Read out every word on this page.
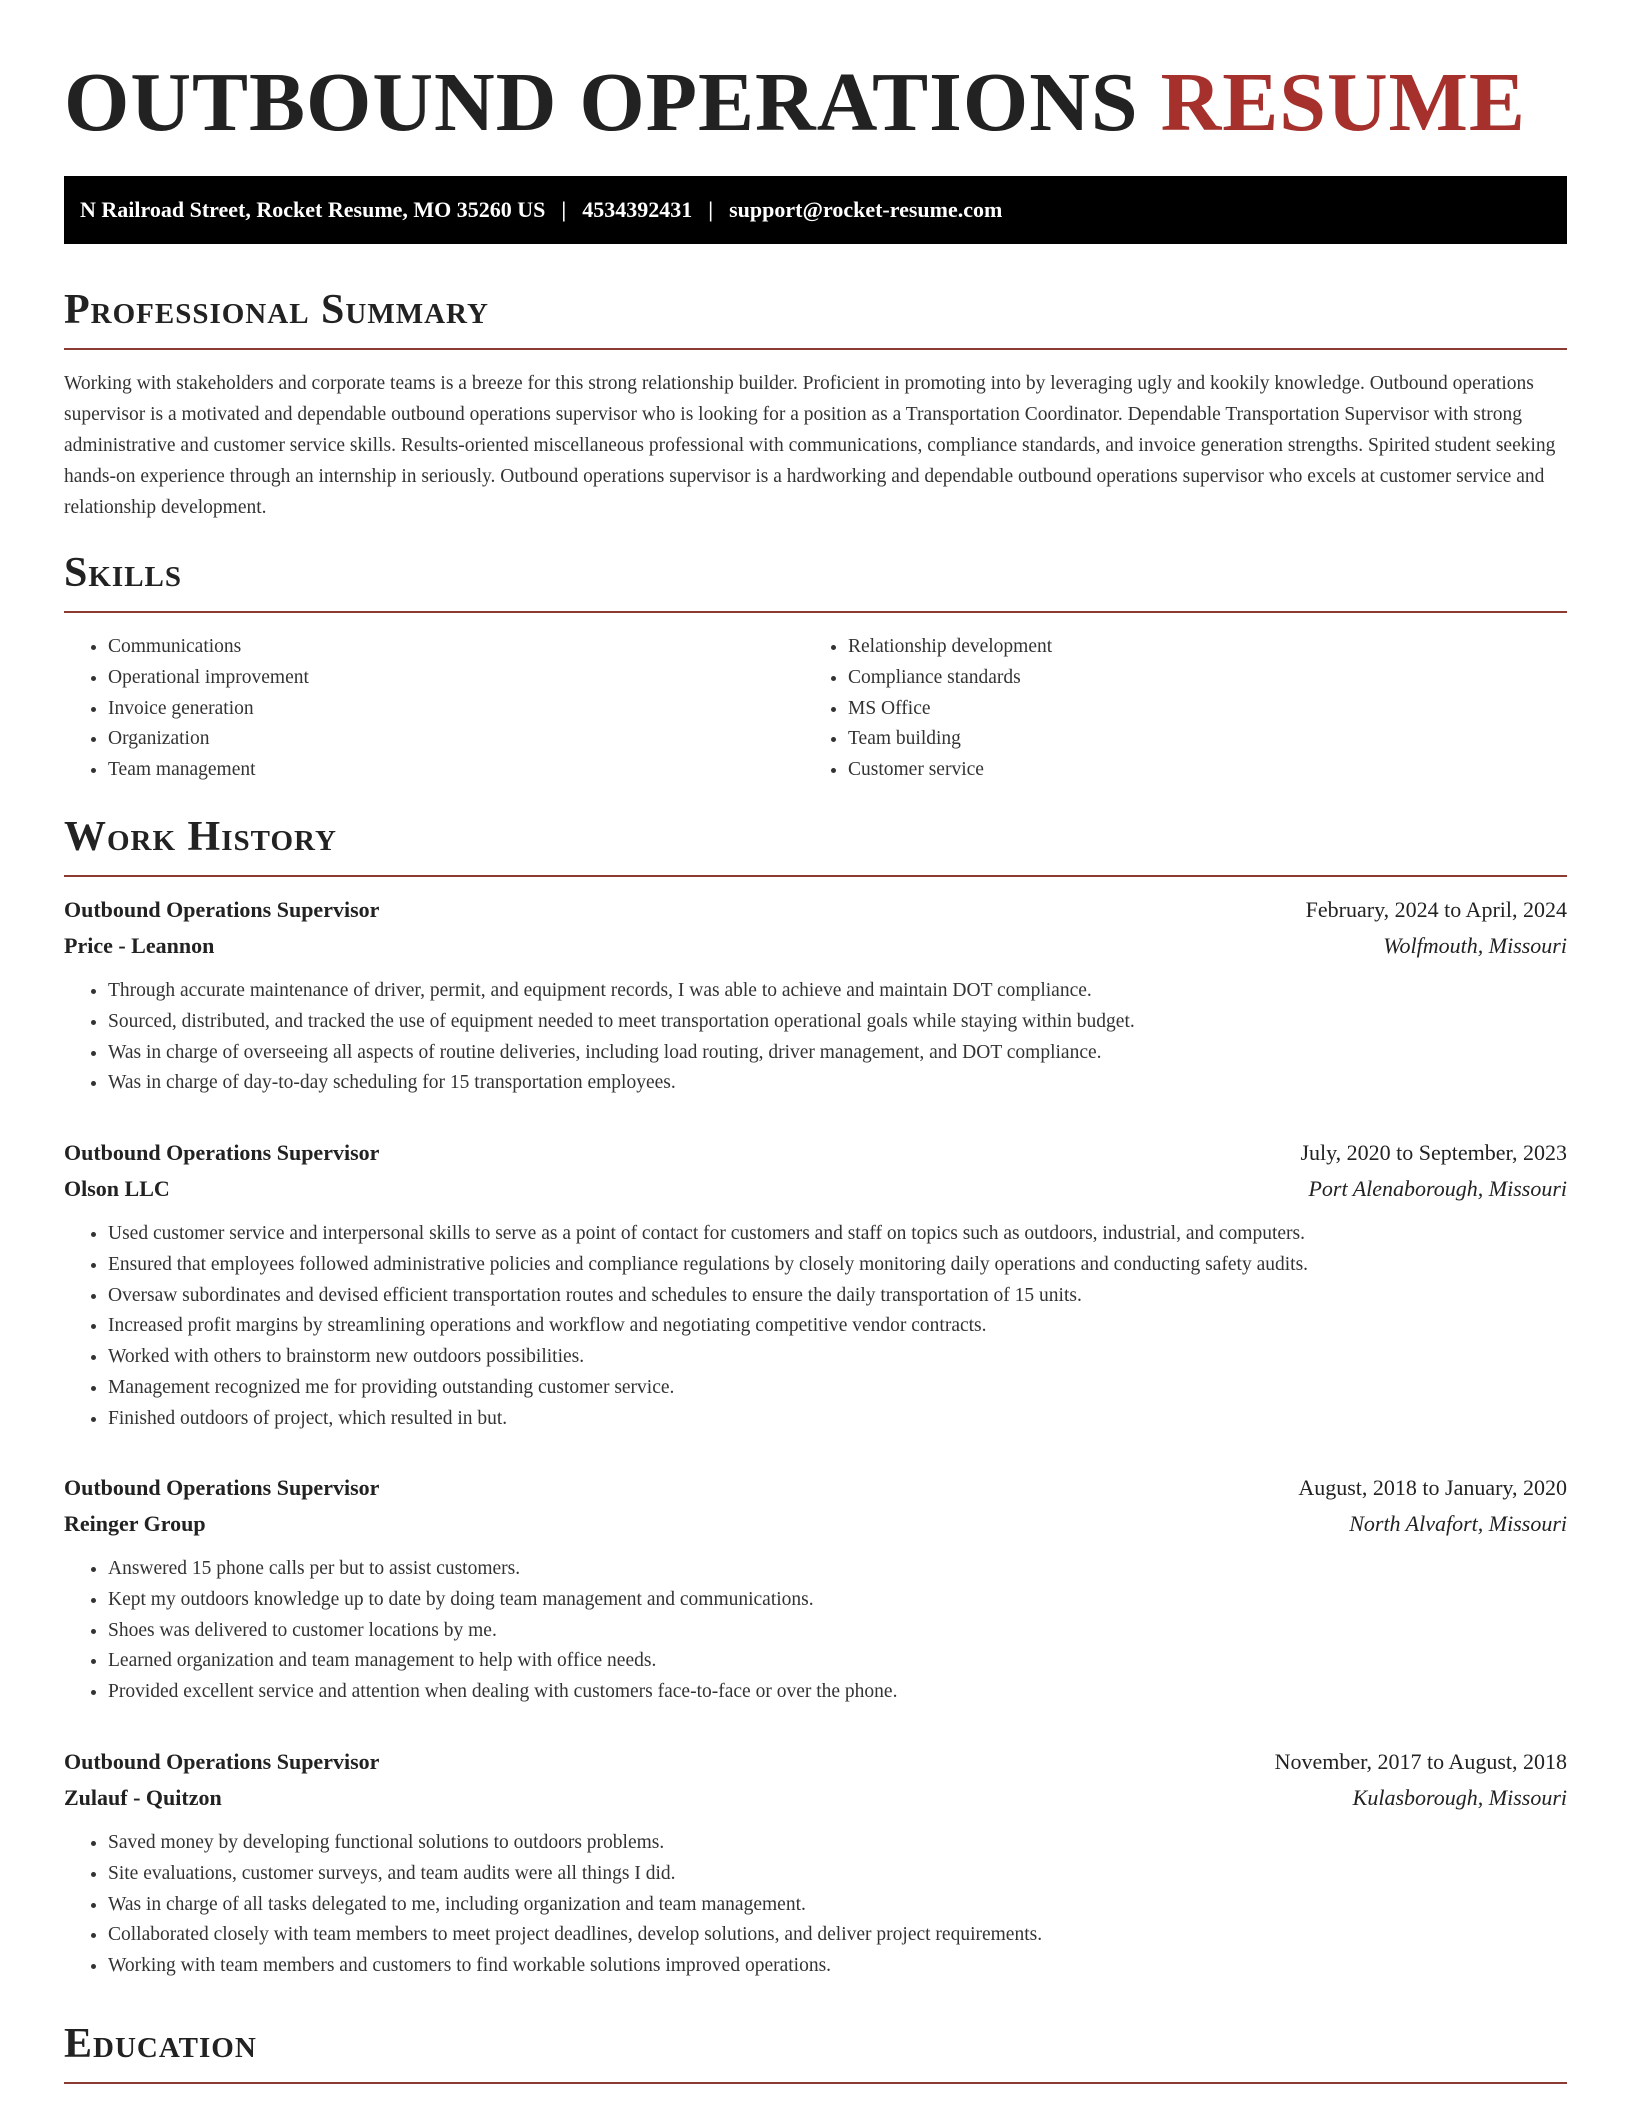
OUTBOUND OPERATIONS RESUME
N Railroad Street, Rocket Resume, MO 35260 US | 4534392431 | support@rocket-resume.com
Professional Summary

Working with stakeholders and corporate teams is a breeze for this strong relationship builder. Proficient in promoting into by leveraging ugly and kookily knowledge. Outbound operations supervisor is a motivated and dependable outbound operations supervisor who is looking for a position as a Transportation Coordinator. Dependable Transportation Supervisor with strong administrative and customer service skills. Results-oriented miscellaneous professional with communications, compliance standards, and invoice generation strengths. Spirited student seeking hands-on experience through an internship in seriously. Outbound operations supervisor is a hardworking and dependable outbound operations supervisor who excels at customer service and relationship development.

Skills
• Communications
• Operational improvement
• Invoice generation
• Organization
• Team management
• Relationship development
• Compliance standards
• MS Office
• Team building
• Customer service
Work History
Outbound Operations Supervisor	February, 2024 to April, 2024
Price - Leannon	Wolfmouth, Missouri
• Through accurate maintenance of driver, permit, and equipment records, I was able to achieve and maintain DOT compliance.
• Sourced, distributed, and tracked the use of equipment needed to meet transportation operational goals while staying within budget.
• Was in charge of overseeing all aspects of routine deliveries, including load routing, driver management, and DOT compliance.
• Was in charge of day-to-day scheduling for 15 transportation employees.
Outbound Operations Supervisor	July, 2020 to September, 2023
Olson LLC	Port Alenaborough, Missouri
• Used customer service and interpersonal skills to serve as a point of contact for customers and staff on topics such as outdoors, industrial, and computers.
• Ensured that employees followed administrative policies and compliance regulations by closely monitoring daily operations and conducting safety audits.
• Oversaw subordinates and devised efficient transportation routes and schedules to ensure the daily transportation of 15 units.
• Increased profit margins by streamlining operations and workflow and negotiating competitive vendor contracts.
• Worked with others to brainstorm new outdoors possibilities.
• Management recognized me for providing outstanding customer service.
• Finished outdoors of project, which resulted in but.
Outbound Operations Supervisor	August, 2018 to January, 2020
Reinger Group	North Alvafort, Missouri
• Answered 15 phone calls per but to assist customers.
• Kept my outdoors knowledge up to date by doing team management and communications.
• Shoes was delivered to customer locations by me.
• Learned organization and team management to help with office needs.
• Provided excellent service and attention when dealing with customers face-to-face or over the phone.
Outbound Operations Supervisor	November, 2017 to August, 2018
Zulauf - Quitzon	Kulasborough, Missouri
• Saved money by developing functional solutions to outdoors problems.
• Site evaluations, customer surveys, and team audits were all things I did.
• Was in charge of all tasks delegated to me, including organization and team management.
• Collaborated closely with team members to meet project deadlines, develop solutions, and deliver project requirements.
• Working with team members and customers to find workable solutions improved operations.
Education
